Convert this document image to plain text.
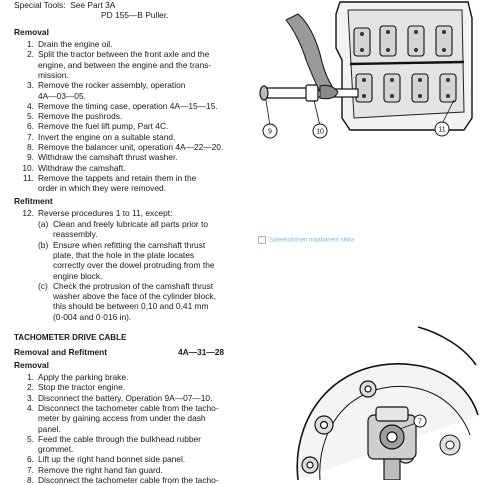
Special Tools: See Part 3A
PD 155—B Puller.
Removal
1. Drain the engine oil.
2. Split the tractor between the front axle and the
engine, and between the engine and the trans-
mission.
3. Remove the rocker assembly, operation
4A—03—05.
4. Remove the timing case, operation 4A—15—15.
5. Remove the pushrods.
6. Remove the fuel lift pump, Part 4C.
7. Invert the engine on a suitable stand.
8. Remove the balancer unit, operation 4A—22—20.
9. Withdraw the camshaft thrust washer.
10. Withdraw the camshaft.
11. Remove the tappets and retain them in the
order in which they were removed.
Refitment
12. Reverse procedures 1 to 11, except:
(a) Clean and freely lubricate all parts prior to
reassembly.
(b) Ensure when refitting the camshaft thrust
plate, that the hole in the plate locates
correctly over the dowel protruding from the
engine block.
(c) Check the protrusion of the camshaft thrust
washer above the face of the cylinder block,
this should be between 0,10 and 0,41 mm
(0·004 and 0·016 in).
TACHOMETER DRIVE CABLE
Removal and Refitment	4A—31—28
Removal
1. Apply the parking brake.
2. Stop the tractor engine.
3. Disconnect the battery, Operation 9A—07—10.
4. Disconnect the tachometer cable from the tacho-
meter by gaining access from under the dash
panel.
5. Feed the cable through the bulkhead rubber
grommet.
6. Lift up the right hand bonnet side panel.
7. Remove the right hand fan guard.
8. Disconnect the tachometer cable from the tacho-
Sateekuhtinen maahanem sikka
9	10	11
7
